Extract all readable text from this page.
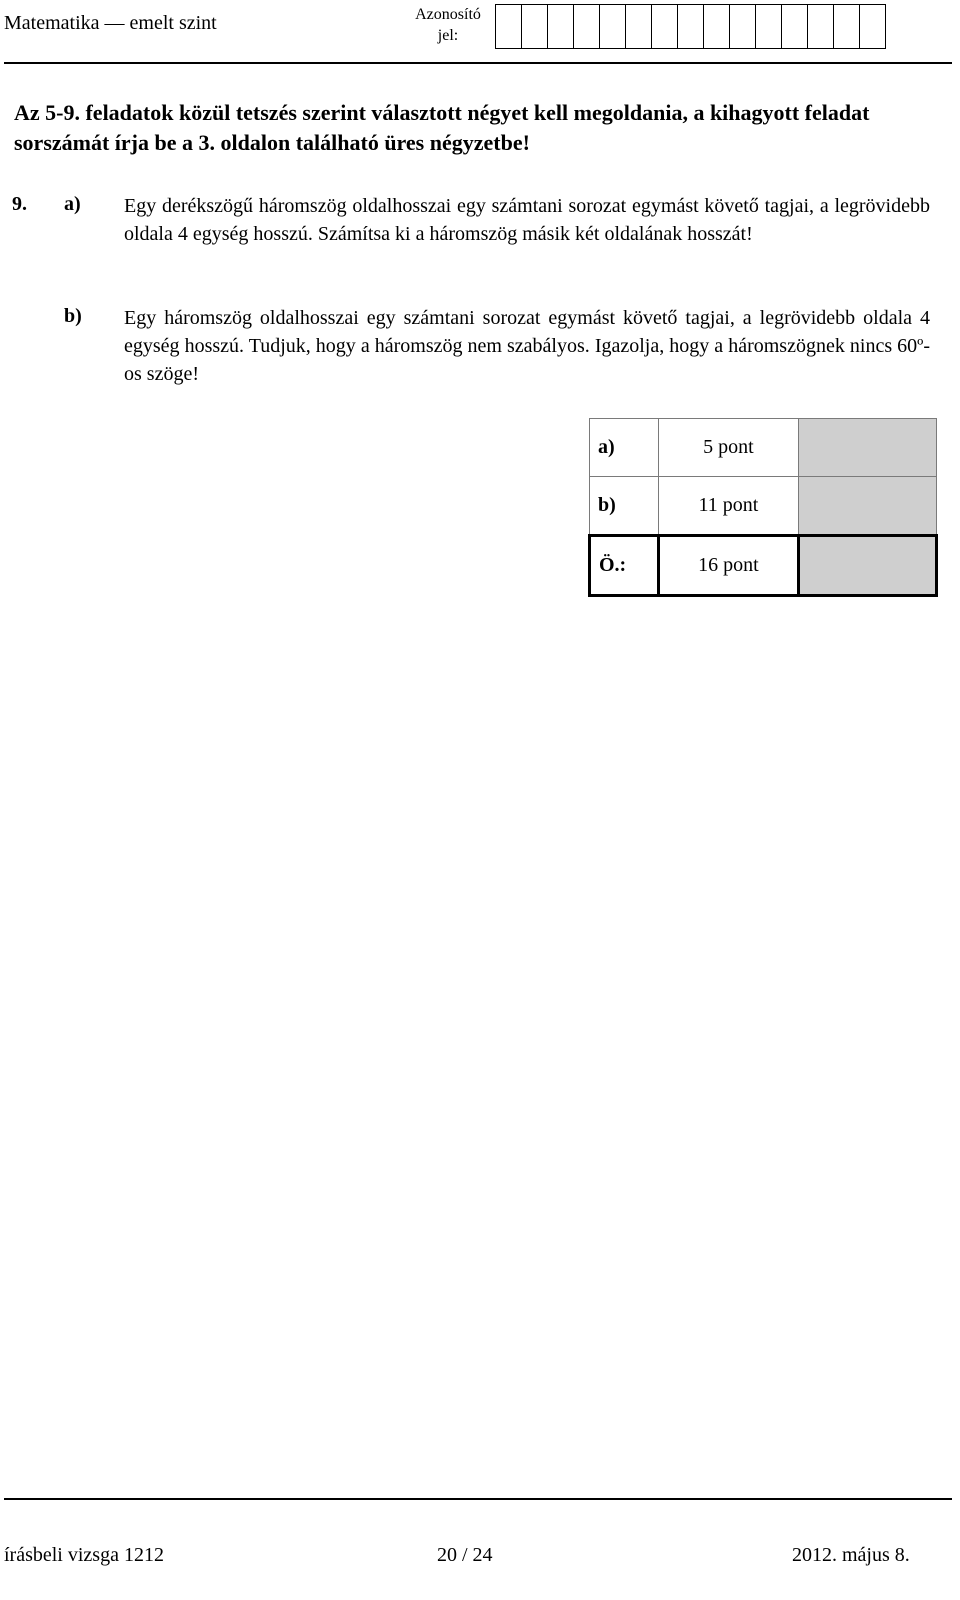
Matematika — emelt szint	Azonosító
jel:
Az 5-9. feladatok közül tetszés szerint választott négyet kell megoldania, a kihagyott feladat sorszámát írja be a 3. oldalon található üres négyzetbe!
9. a) Egy derékszögű háromszög oldalhosszai egy számtani sorozat egymást követő tagjai, a legrövidebb oldala 4 egység hosszú. Számítsa ki a háromszög másik két oldalának hosszát!
b) Egy háromszög oldalhosszai egy számtani sorozat egymást követő tagjai, a legrövidebb oldala 4 egység hosszú. Tudjuk, hogy a háromszög nem szabályos. Igazolja, hogy a háromszögnek nincs 60º-os szöge!
a)	5 pont	
b)	11 pont	
Ö.:	16 pont	
írásbeli vizsga 1212	20 / 24	2012. május 8.
